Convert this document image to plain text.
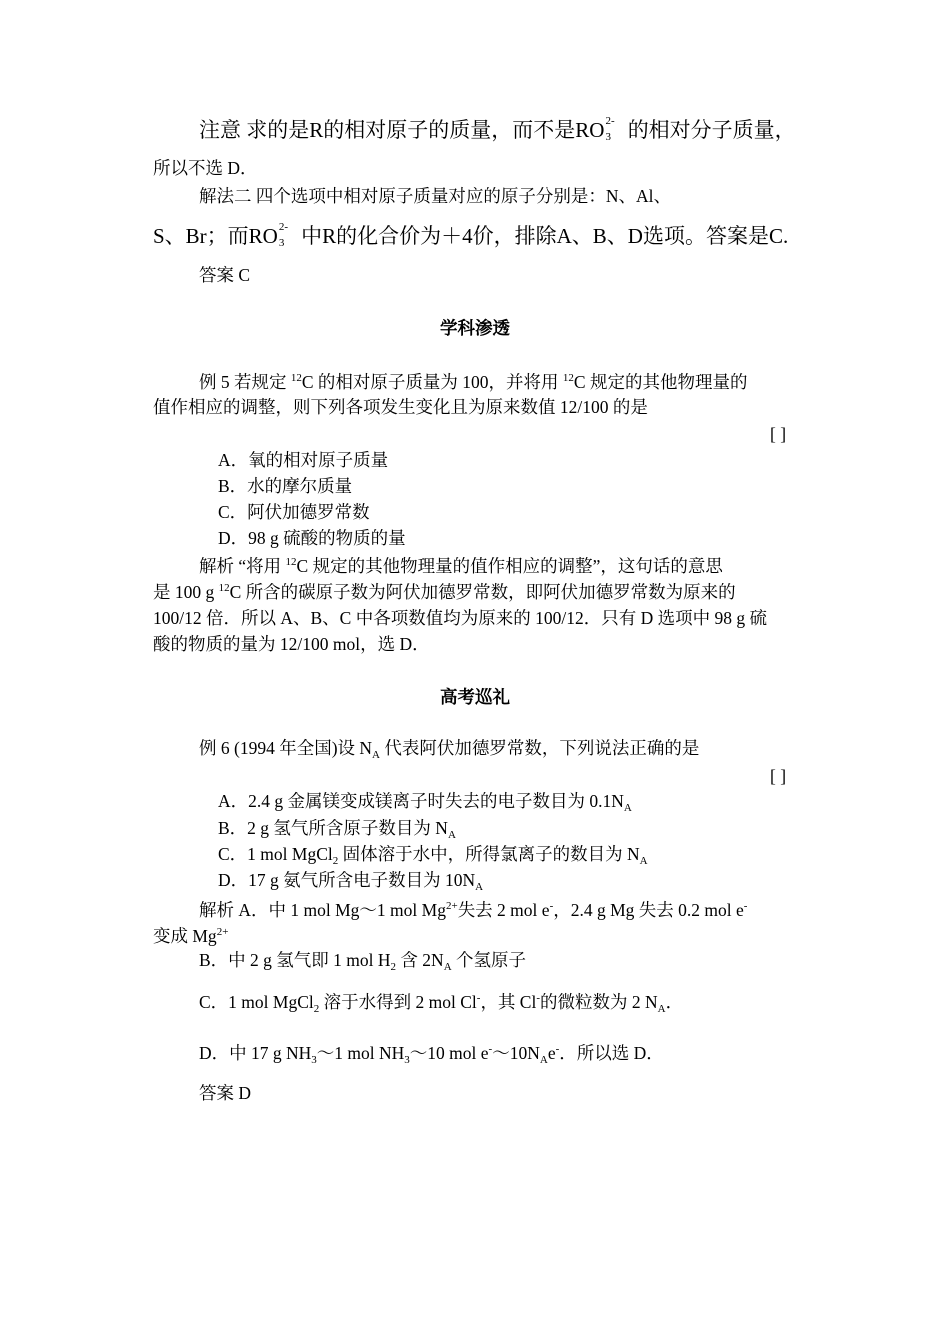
注意 求的是R的相对原子的质量，而不是RO 2-
3 的相对分子质量，
所以不选 D．
解法二 四个选项中相对原子质量对应的原子分别是：N、Al、
S、Br；而RO 2-
3 中R的化合价为＋4价，排除A、B、D选项。答案是C.
答案 C
学科渗透
例 5 若规定 $^{12}$C 的相对原子质量为 100，并将用 $^{12}$C 规定的其他物理量的
值作相应的调整，则下列各项发生变化且为原来数值 12/100 的是
[ ]
A．氧的相对原子质量
B．水的摩尔质量
C．阿伏加德罗常数
D．98 g 硫酸的物质的量
解析 “将用 $^{12}$C 规定的其他物理量的值作相应的调整”，这句话的意思
是 100 g $^{12}$C 所含的碳原子数为阿伏加德罗常数，即阿伏加德罗常数为原来的
100/12 倍．所以 A、B、C 中各项数值均为原来的 100/12．只有 D 选项中 98 g 硫
酸的物质的量为 12/100 mol，选 D．
高考巡礼
例 6 (1994 年全国)设 $N_A$ 代表阿伏加德罗常数，下列说法正确的是
[ ]
A．2.4 g 金属镁变成镁离子时失去的电子数目为 $0.1N_A$
B．2 g 氢气所含原子数目为 $N_A$
C．1 mol MgCl$_2$ 固体溶于水中，所得氯离子的数目为 $N_A$
D．17 g 氨气所含电子数目为 $10N_A$
解析 A．中 1 mol Mg～1 mol $Mg^{2+}$失去 2 mol e-，2.4 g Mg 失去 0.2 mol e-
变成 $Mg^{2+}$
B．中 2 g 氢气即 1 mol $H_2$ 含 $2N_A$ 个氢原子
C．1 mol MgCl$_2$ 溶于水得到 2 mol Cl-，其 Cl-的微粒数为 2 $N_A$．
D．中 17 g $NH_3\sim 1$ mol $NH_3\sim 10$ mol $e^-\sim 10N_Ae^-$．所以选 D．
答案 D
